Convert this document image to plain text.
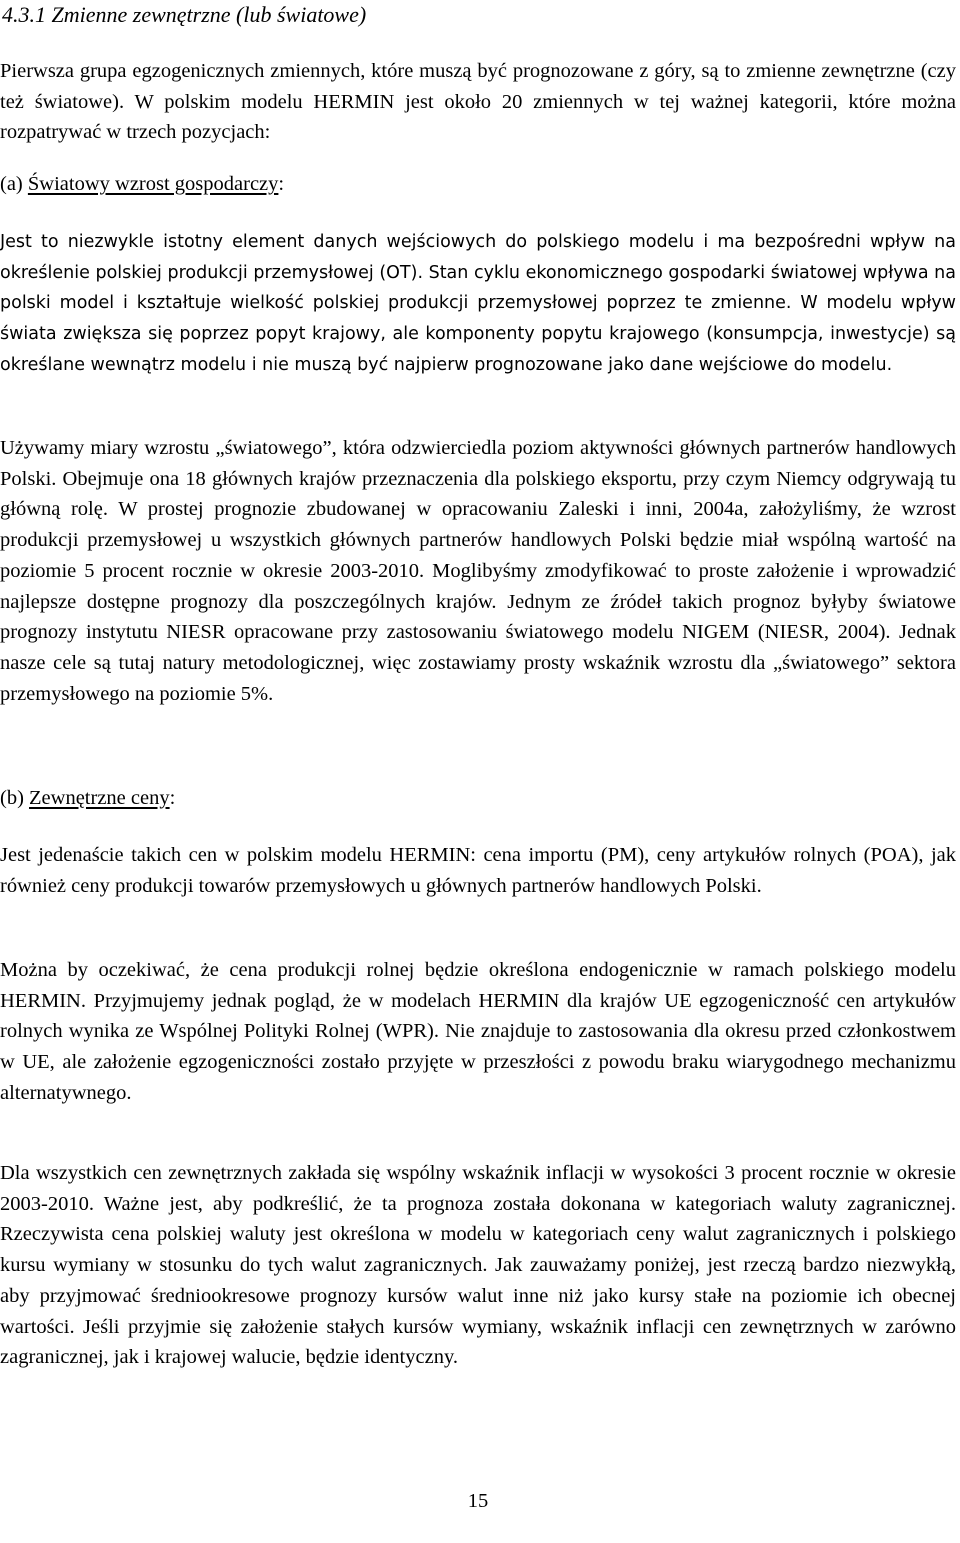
4.3.1 Zmienne zewnętrzne (lub światowe)

Pierwsza grupa egzogenicznych zmiennych, które muszą być prognozowane z góry, są to zmienne zewnętrzne (czy też światowe). W polskim modelu HERMIN jest około 20 zmiennych w tej ważnej kategorii, które można rozpatrywać w trzech pozycjach:

(a) Światowy wzrost gospodarczy:

Jest to niezwykle istotny element danych wejściowych do polskiego modelu i ma bezpośredni wpływ na określenie polskiej produkcji przemysłowej (OT). Stan cyklu ekonomicznego gospodarki światowej wpływa na polski model i kształtuje wielkość polskiej produkcji przemysłowej poprzez te zmienne. W modelu wpływ świata zwiększa się poprzez popyt krajowy, ale komponenty popytu krajowego (konsumpcja, inwestycje) są określane wewnątrz modelu i nie muszą być najpierw prognozowane jako dane wejściowe do modelu.

Używamy miary wzrostu „światowego”, która odzwierciedla poziom aktywności głównych partnerów handlowych Polski. Obejmuje ona 18 głównych krajów przeznaczenia dla polskiego eksportu, przy czym Niemcy odgrywają tu główną rolę. W prostej prognozie zbudowanej w opracowaniu Zaleski i inni, 2004a, założyliśmy, że wzrost produkcji przemysłowej u wszystkich głównych partnerów handlowych Polski będzie miał wspólną wartość na poziomie 5 procent rocznie w okresie 2003-2010. Moglibyśmy zmodyfikować to proste założenie i wprowadzić najlepsze dostępne prognozy dla poszczególnych krajów. Jednym ze źródeł takich prognoz byłyby światowe prognozy instytutu NIESR opracowane przy zastosowaniu światowego modelu NIGEM (NIESR, 2004). Jednak nasze cele są tutaj natury metodologicznej, więc zostawiamy prosty wskaźnik wzrostu dla „światowego” sektora przemysłowego na poziomie 5%.

(b) Zewnętrzne ceny:

Jest jedenaście takich cen w polskim modelu HERMIN: cena importu (PM), ceny artykułów rolnych (POA), jak również ceny produkcji towarów przemysłowych u głównych partnerów handlowych Polski.

Można by oczekiwać, że cena produkcji rolnej będzie określona endogenicznie w ramach polskiego modelu HERMIN. Przyjmujemy jednak pogląd, że w modelach HERMIN dla krajów UE egzogeniczność cen artykułów rolnych wynika ze Wspólnej Polityki Rolnej (WPR). Nie znajduje to zastosowania dla okresu przed członkostwem w UE, ale założenie egzogeniczności zostało przyjęte w przeszłości z powodu braku wiarygodnego mechanizmu alternatywnego.

Dla wszystkich cen zewnętrznych zakłada się wspólny wskaźnik inflacji w wysokości 3 procent rocznie w okresie 2003-2010. Ważne jest, aby podkreślić, że ta prognoza została dokonana w kategoriach waluty zagranicznej. Rzeczywista cena polskiej waluty jest określona w modelu w kategoriach ceny walut zagranicznych i polskiego kursu wymiany w stosunku do tych walut zagranicznych. Jak zauważamy poniżej, jest rzeczą bardzo niezwykłą, aby przyjmować średniookresowe prognozy kursów walut inne niż jako kursy stałe na poziomie ich obecnej wartości. Jeśli przyjmie się założenie stałych kursów wymiany, wskaźnik inflacji cen zewnętrznych w zarówno zagranicznej, jak i krajowej walucie, będzie identyczny.

15
